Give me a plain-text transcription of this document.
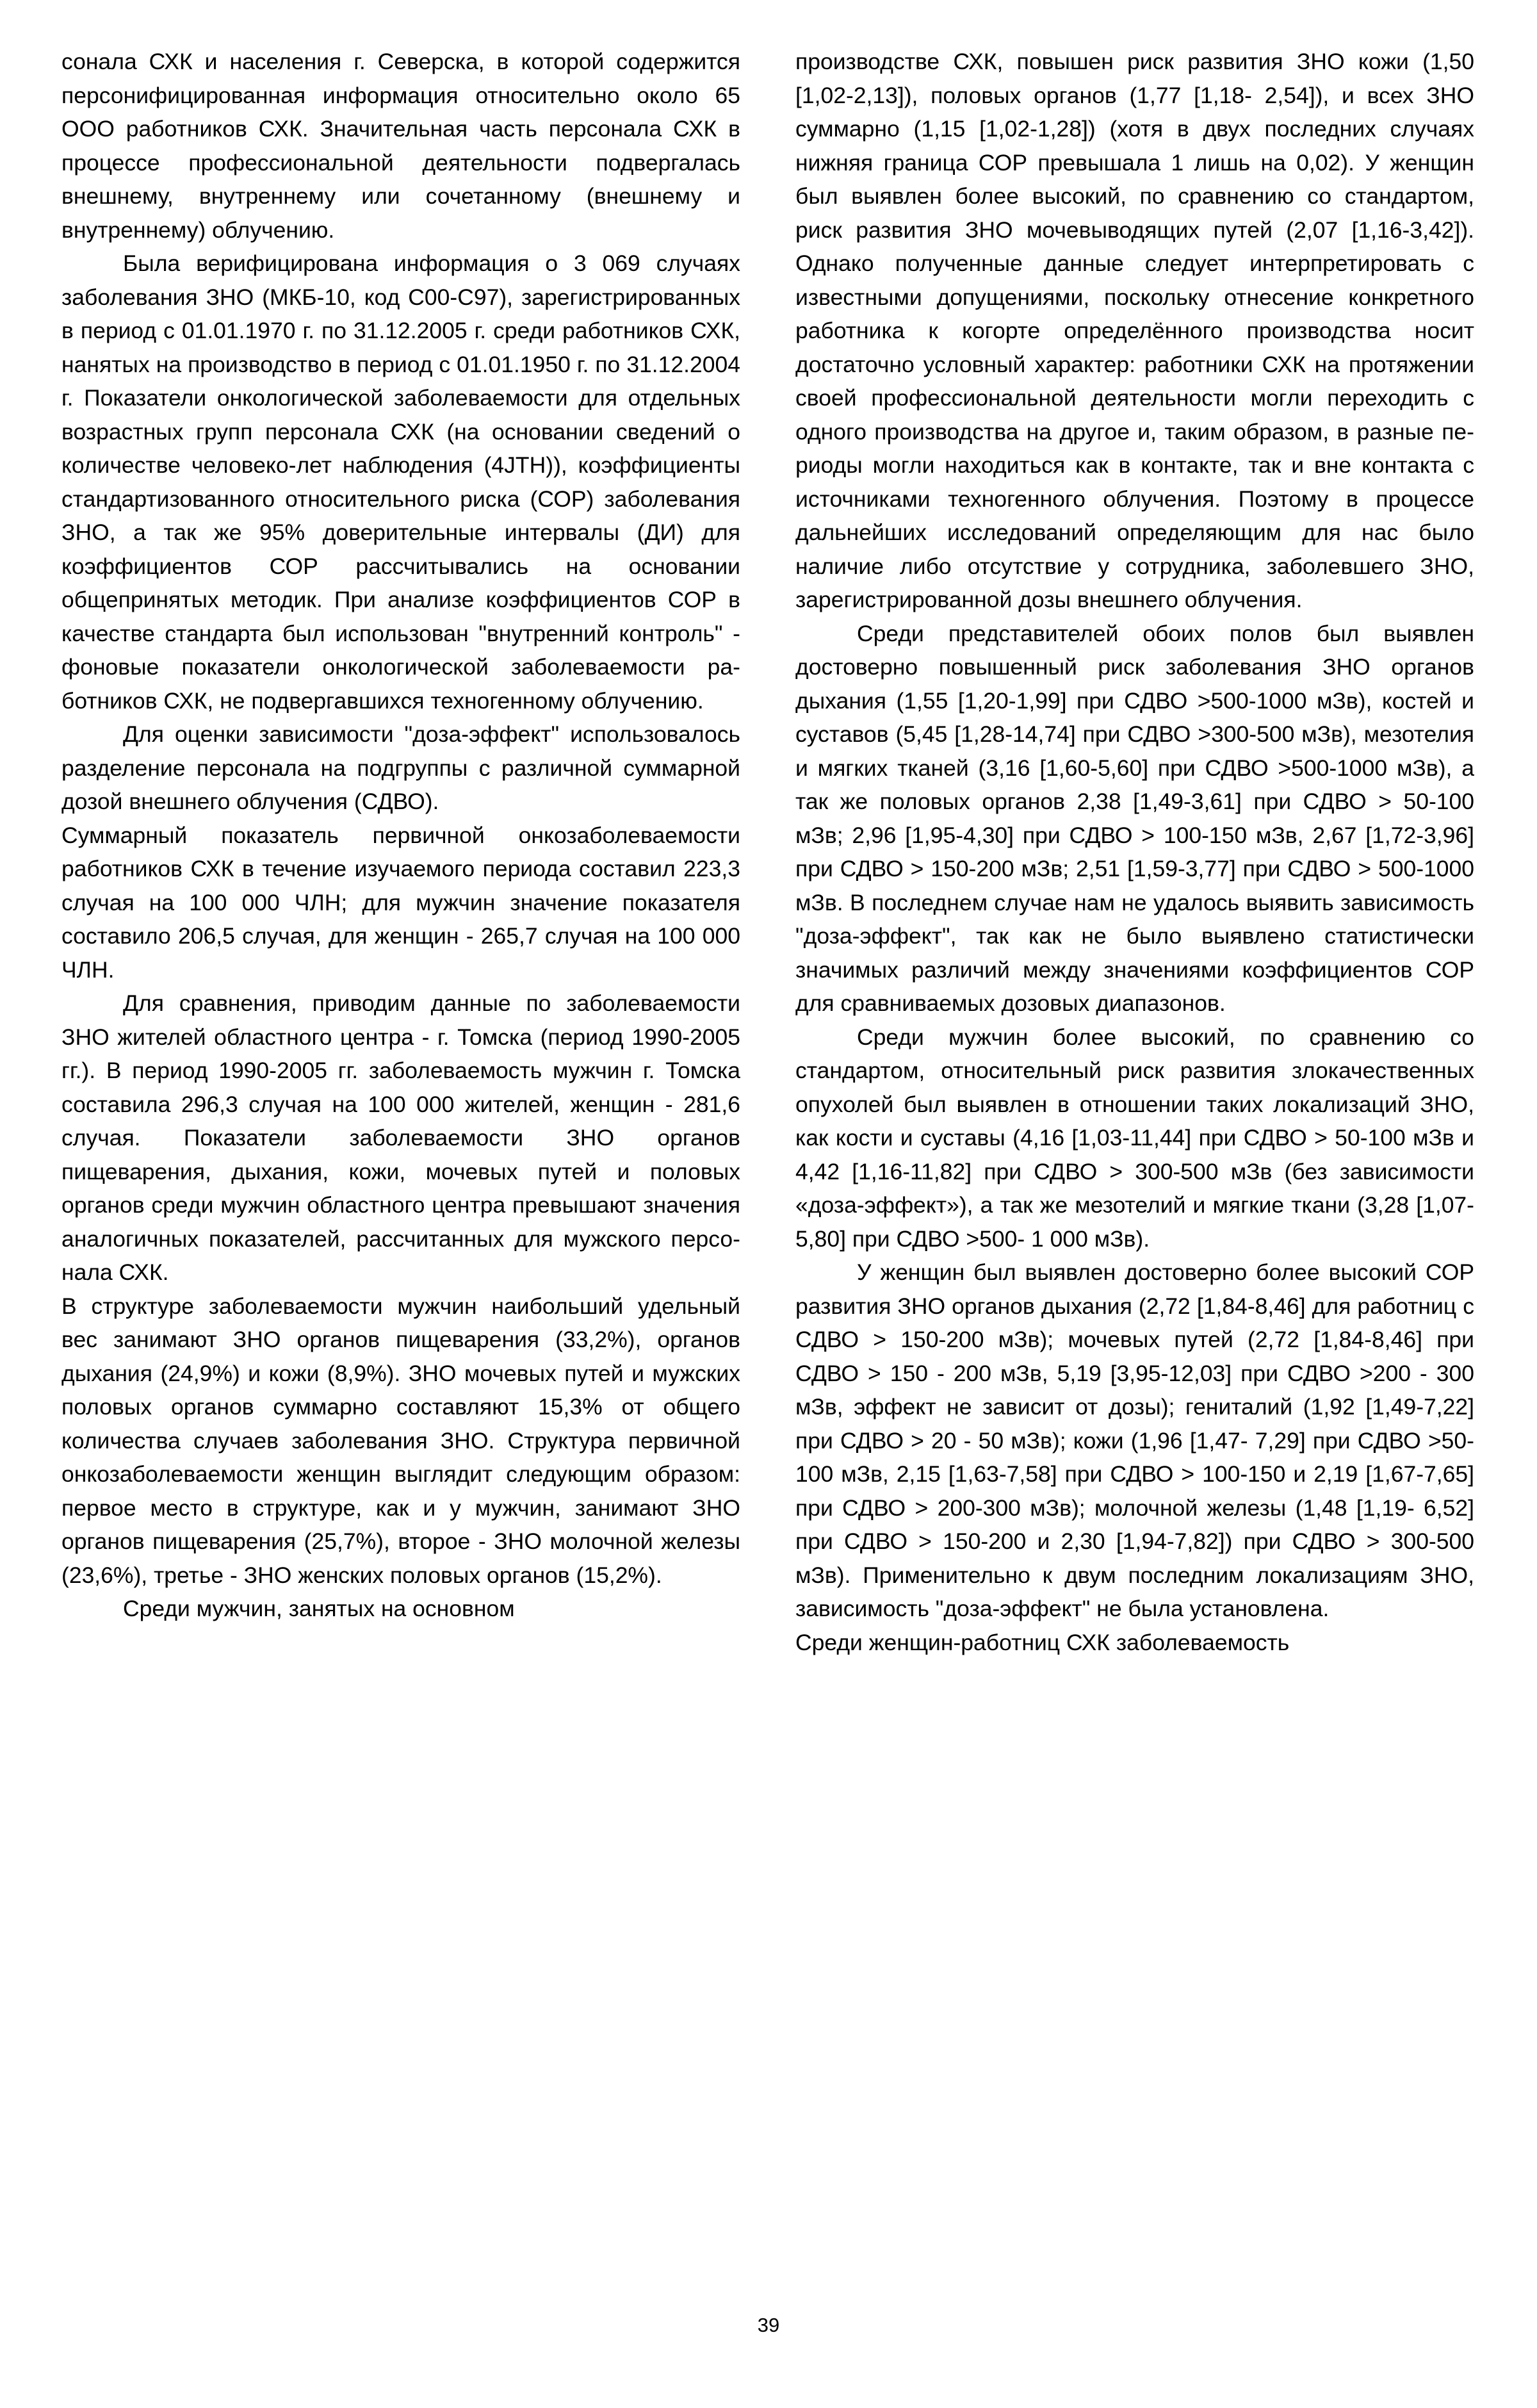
сонала СХК и населения г. Северска, в которой содержится персонифицированная информация относительно около 65 ООО работников СХК. Значительная часть персонала СХК в процессе профессиональной деятельности подвергалась внешнему, внутреннему или сочетанному (внешнему и внутреннему) облучению.

Была верифицирована информация о 3 069 случаях заболевания ЗНО (МКБ-10, код С00-С97), зарегистрированных в период с 01.01.1970 г. по 31.12.2005 г. среди работников СХК, нанятых на производство в период с 01.01.1950 г. по 31.12.2004 г. Показатели онкологической заболеваемости для отдельных возрастных групп персонала СХК (на основании сведений о количестве человеко-лет наблюдения (4JTH)), коэффициенты стандартизованного относительного риска (СОР) заболевания ЗНО, а так же 95% доверительные интервалы (ДИ) для коэффициентов СОР рассчитывались на основании общепринятых методик. При анализе коэффициентов СОР в качестве стандарта был использован "внутренний контроль" - фоновые показатели онкологической заболеваемости работников СХК, не подвергавшихся техногенному облучению.

Для оценки зависимости "доза-эффект" использовалось разделение персонала на подгруппы с различной суммарной дозой внешнего облучения (СДВО).

Суммарный показатель первичной онкозаболеваемости работников СХК в течение изучаемого периода составил 223,3 случая на 100 000 ЧЛН; для мужчин значение показателя составило 206,5 случая, для женщин - 265,7 случая на 100 000 ЧЛН.

Для сравнения, приводим данные по заболеваемости ЗНО жителей областного центра - г. Томска (период 1990-2005 гг.). В период 1990-2005 гг. заболеваемость мужчин г. Томска составила 296,3 случая на 100 000 жителей, женщин - 281,6 случая. Показатели заболеваемости ЗНО органов пищеварения, дыхания, кожи, мочевых путей и половых органов среди мужчин областного центра превышают значения аналогичных показателей, рассчитанных для мужского персонала СХК.

В структуре заболеваемости мужчин наибольший удельный вес занимают ЗНО органов пищеварения (33,2%), органов дыхания (24,9%) и кожи (8,9%). ЗНО мочевых путей и мужских половых органов суммарно составляют 15,3% от общего количества случаев заболевания ЗНО. Структура первичной онкозаболеваемости женщин выглядит следующим образом: первое место в структуре, как и у мужчин, занимают ЗНО органов пищеварения (25,7%), второе - ЗНО молочной железы (23,6%), третье - ЗНО женских половых органов (15,2%).

Среди мужчин, занятых на основном

производстве СХК, повышен риск развития ЗНО кожи (1,50 [1,02-2,13]), половых органов (1,77 [1,18- 2,54]), и всех ЗНО суммарно (1,15 [1,02-1,28]) (хотя в двух последних случаях нижняя граница СОР превышала 1 лишь на 0,02). У женщин был выявлен более высокий, по сравнению со стандартом, риск развития ЗНО мочевыводящих путей (2,07 [1,16-3,42]). Однако полученные данные следует интерпретировать с известными допущениями, поскольку отнесение конкретного работника к когорте определённого производства носит достаточно условный характер: работники СХК на протяжении своей профессиональной деятельности могли переходить с одного производства на другое и, таким образом, в разные периоды могли находиться как в контакте, так и вне контакта с источниками техногенного облучения. Поэтому в процессе дальнейших исследований определяющим для нас было наличие либо отсутствие у сотрудника, заболевшего ЗНО, зарегистрированной дозы внешнего облучения.

Среди представителей обоих полов был выявлен достоверно повышенный риск заболевания ЗНО органов дыхания (1,55 [1,20-1,99] при СДВО >500-1000 мЗв), костей и суставов (5,45 [1,28-14,74] при СДВО >300-500 мЗв), мезотелия и мягких тканей (3,16 [1,60-5,60] при СДВО >500-1000 мЗв), а так же половых органов 2,38 [1,49-3,61] при СДВО > 50-100 мЗв; 2,96 [1,95-4,30] при СДВО > 100-150 мЗв, 2,67 [1,72-3,96] при СДВО > 150-200 мЗв; 2,51 [1,59-3,77] при СДВО > 500-1000 мЗв. В последнем случае нам не удалось выявить зависимость "доза-эффект", так как не было выявлено статистически значимых различий между значениями коэффициентов СОР для сравниваемых дозовых диапазонов.

Среди мужчин более высокий, по сравнению со стандартом, относительный риск развития злокачественных опухолей был выявлен в отношении таких локализаций ЗНО, как кости и суставы (4,16 [1,03-11,44] при СДВО > 50-100 мЗв и 4,42 [1,16-11,82] при СДВО > 300-500 мЗв (без зависимости «доза-эффект»), а так же мезотелий и мягкие ткани (3,28 [1,07-5,80] при СДВО >500- 1 000 мЗв).

У женщин был выявлен достоверно более высокий СОР развития ЗНО органов дыхания (2,72 [1,84-8,46] для работниц с СДВО > 150-200 мЗв); мочевых путей (2,72 [1,84-8,46] при СДВО > 150 - 200 мЗв, 5,19 [3,95-12,03] при СДВО >200 - 300 мЗв, эффект не зависит от дозы); гениталий (1,92 [1,49-7,22] при СДВО > 20 - 50 мЗв); кожи (1,96 [1,47- 7,29] при СДВО >50-100 мЗв, 2,15 [1,63-7,58] при СДВО > 100-150 и 2,19 [1,67-7,65] при СДВО > 200-300 мЗв); молочной железы (1,48 [1,19- 6,52] при СДВО > 150-200 и 2,30 [1,94-7,82]) при СДВО > 300-500 мЗв). Применительно к двум последним локализациям ЗНО, зависимость "доза-эффект" не была установлена.

Среди женщин-работниц СХК заболеваемость

39
